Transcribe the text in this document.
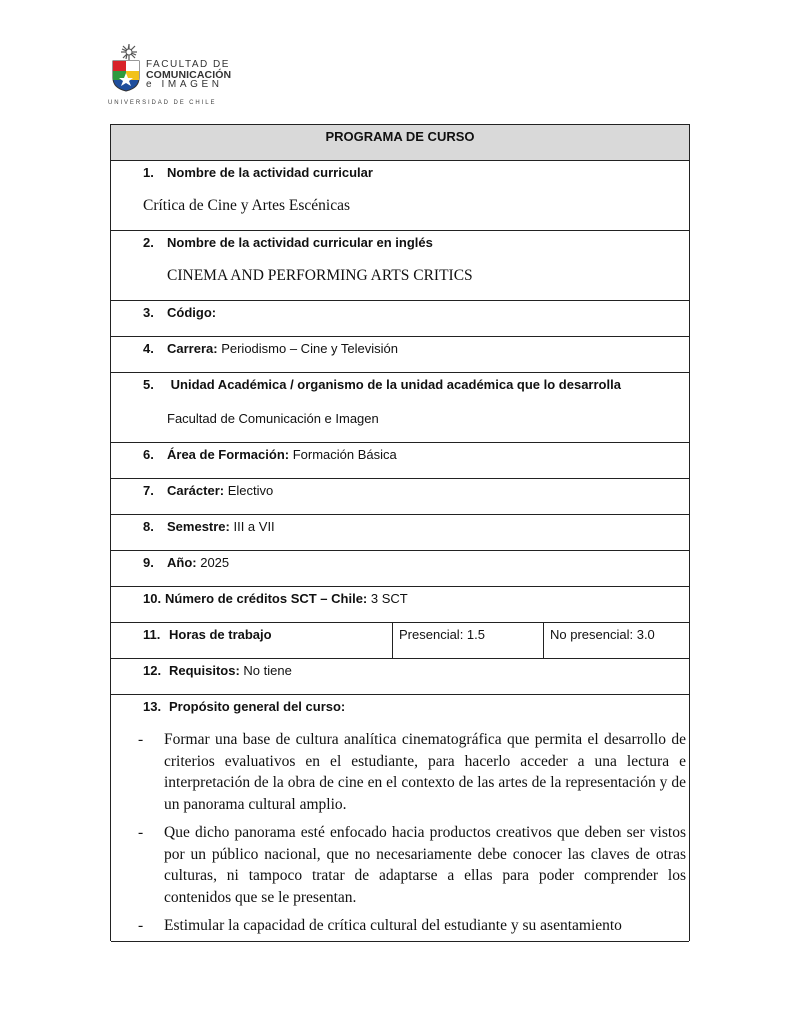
FACULTAD DE
COMUNICACIÓN
e IMAGEN
UNIVERSIDAD DE CHILE
PROGRAMA DE CURSO
1. Nombre de la actividad curricular
Crítica de Cine y Artes Escénicas
2. Nombre de la actividad curricular en inglés
CINEMA AND PERFORMING ARTS CRITICS
3. Código:
4. Carrera: Periodismo – Cine y Televisión
5. Unidad Académica / organismo de la unidad académica que lo desarrolla
Facultad de Comunicación e Imagen
6. Área de Formación: Formación Básica
7. Carácter: Electivo
8. Semestre: III a VII
9. Año: 2025
10. Número de créditos SCT – Chile: 3 SCT
11. Horas de trabajo	Presencial: 1.5	No presencial: 3.0
12. Requisitos: No tiene
13. Propósito general del curso:
- Formar una base de cultura analítica cinematográfica que permita el desarrollo de criterios evaluativos en el estudiante, para hacerlo acceder a una lectura e interpretación de la obra de cine en el contexto de las artes de la representación y de un panorama cultural amplio.
- Que dicho panorama esté enfocado hacia productos creativos que deben ser vistos por un público nacional, que no necesariamente debe conocer las claves de otras culturas, ni tampoco tratar de adaptarse a ellas para poder comprender los contenidos que se le presentan.
- Estimular la capacidad de crítica cultural del estudiante y su asentamiento
